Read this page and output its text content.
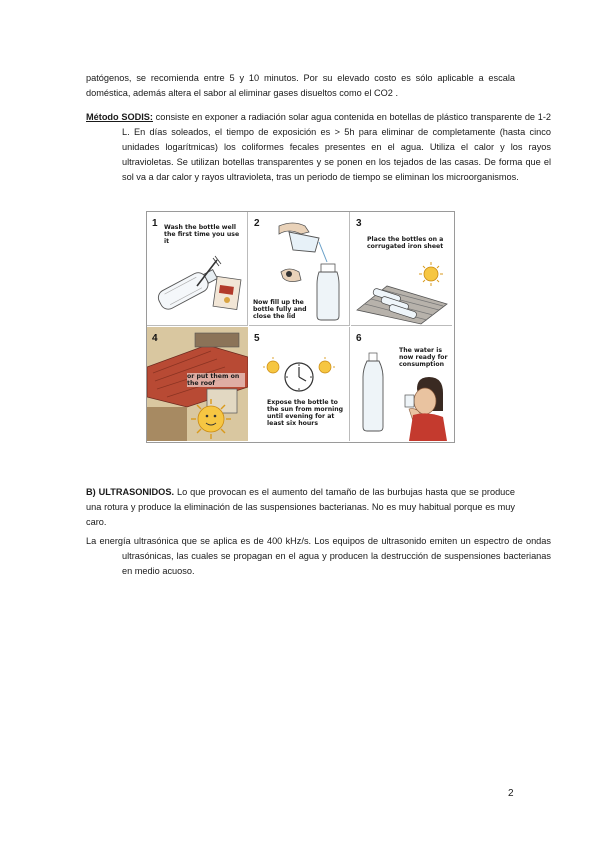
patógenos, se recomienda entre 5 y 10 minutos. Por su elevado costo es sólo aplicable a escala doméstica, además altera el sabor al eliminar gases disueltos como el CO2 .

Método SODIS: consiste en exponer a radiación solar agua contenida en botellas de plástico transparente de 1-2 L. En días soleados, el tiempo de exposición es > 5h para eliminar de completamente (hasta cinco unidades logarítmicas) los coliformes fecales presentes en el agua. Utiliza el calor y los rayos ultravioletas. Se utilizan botellas transparentes y se ponen en los tejados de las casas. De forma que el sol va a dar calor y rayos ultravioleta, tras un periodo de tiempo se eliminan los microorganismos.

1 Wash the bottle well the first time you use it
2
Now fill up the bottle fully and close the lid
3
Place the bottles on a corrugated iron sheet
4
or put them on the roof
5
Expose the bottle to the sun from morning until evening for at least six hours
6
The water is now ready for consumption

B) ULTRASONIDOS. Lo que provocan es el aumento del tamaño de las burbujas hasta que se produce una rotura y produce la eliminación de las suspensiones bacterianas. No es muy habitual porque es muy caro.

La energía ultrasónica que se aplica es de 400 kHz/s. Los equipos de ultrasonido emiten un espectro de ondas ultrasónicas, las cuales se propagan en el agua y producen la destrucción de suspensiones bacterianas en medio acuoso.

2
